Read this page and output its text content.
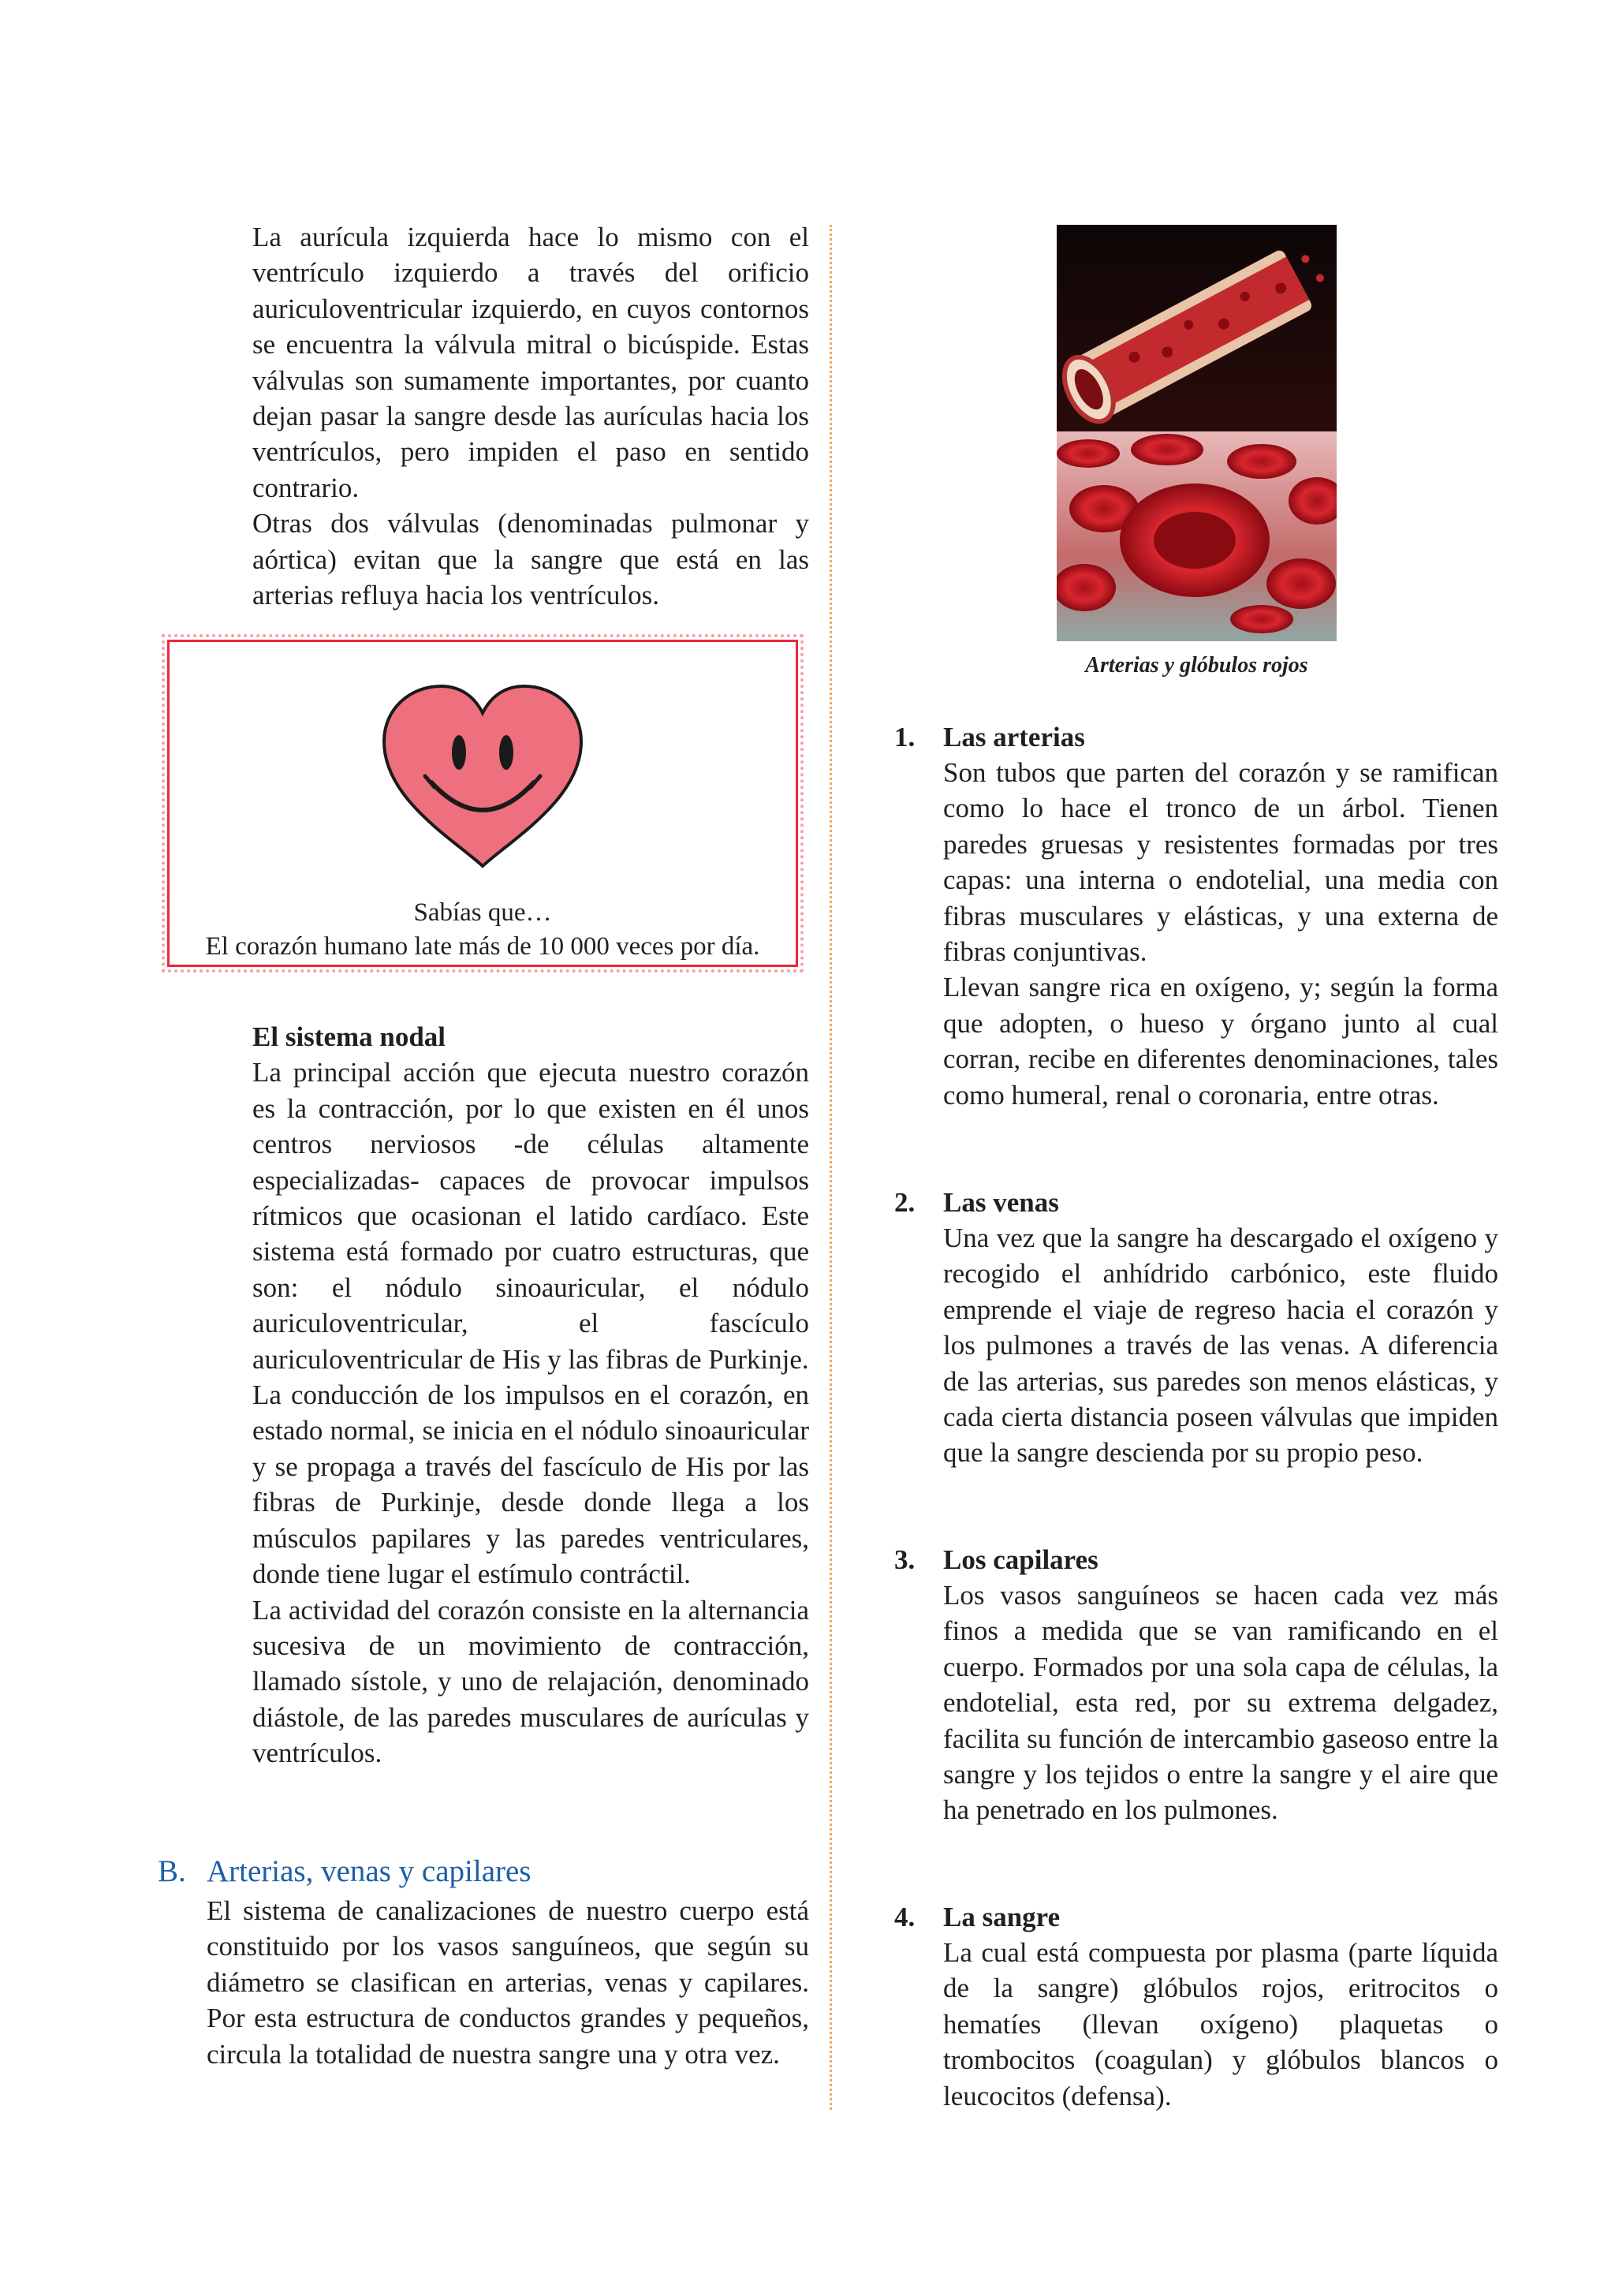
La aurícula izquierda hace lo mismo con el ventrículo izquierdo a través del orificio auriculoventricular izquierdo, en cuyos contornos se encuentra la válvula mitral o bicúspide. Estas válvulas son sumamente importantes, por cuanto dejan pasar la sangre desde las aurículas hacia los ventrículos, pero impiden el paso en sentido contrario.

Otras dos válvulas (denominadas pulmonar y aórtica) evitan que la sangre que está en las arterias refluya hacia los ventrículos.

Sabías que…
El corazón humano late más de 10 000 veces por día.

El sistema nodal

La principal acción que ejecuta nuestro corazón es la contracción, por lo que existen en él unos centros nerviosos -de células altamente especializadas- capaces de provocar impulsos rítmicos que ocasionan el latido cardíaco. Este sistema está formado por cuatro estructuras, que son: el nódulo sinoauricular, el nódulo auriculoventricular, el fascículo auriculoventricular de His y las fibras de Purkinje.

La conducción de los impulsos en el corazón, en estado normal, se inicia en el nódulo sinoauricular y se propaga a través del fascículo de His por las fibras de Purkinje, desde donde llega a los músculos papilares y las paredes ventriculares, donde tiene lugar el estímulo contráctil.

La actividad del corazón consiste en la alternancia sucesiva de un movimiento de contracción, llamado sístole, y uno de relajación, denominado diástole, de las paredes musculares de aurículas y ventrículos.

B. Arterias, venas y capilares

El sistema de canalizaciones de nuestro cuerpo está constituido por los vasos sanguíneos, que según su diámetro se clasifican en arterias, venas y capilares. Por esta estructura de conductos grandes y pequeños, circula la totalidad de nuestra sangre una y otra vez.

Arterias y glóbulos rojos
1. Las arterias

Son tubos que parten del corazón y se ramifican como lo hace el tronco de un árbol. Tienen paredes gruesas y resistentes formadas por tres capas: una interna o endotelial, una media con fibras musculares y elásticas, y una externa de fibras conjuntivas.

Llevan sangre rica en oxígeno, y; según la forma que adopten, o hueso y órgano junto al cual corran, recibe en diferentes denominaciones, tales como humeral, renal o coronaria, entre otras.

2. Las venas

Una vez que la sangre ha descargado el oxígeno y recogido el anhídrido carbónico, este fluido emprende el viaje de regreso hacia el corazón y los pulmones a través de las venas. A diferencia de las arterias, sus paredes son menos elásticas, y cada cierta distancia poseen válvulas que impiden que la sangre descienda por su propio peso.

3. Los capilares

Los vasos sanguíneos se hacen cada vez más finos a medida que se van ramificando en el cuerpo. Formados por una sola capa de células, la endotelial, esta red, por su extrema delgadez, facilita su función de intercambio gaseoso entre la sangre y los tejidos o entre la sangre y el aire que ha penetrado en los pulmones.

4. La sangre

La cual está compuesta por plasma (parte líquida de la sangre) glóbulos rojos, eritrocitos o hematíes (llevan oxígeno) plaquetas o trombocitos (coagulan) y glóbulos blancos o leucocitos (defensa).
